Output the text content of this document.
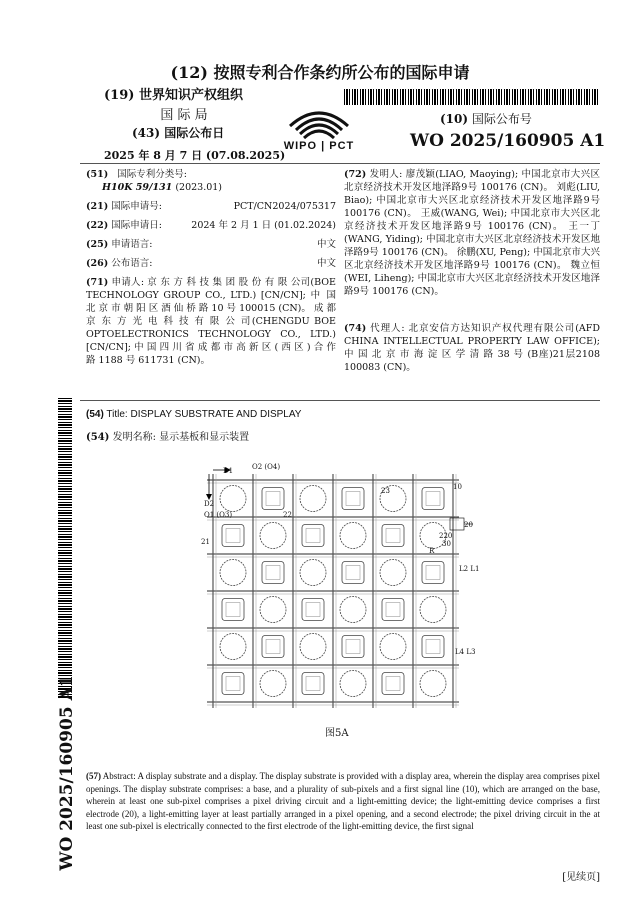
(12) 按照专利合作条约所公布的国际申请
(19) 世界知识产权组织
国 际 局
(43) 国际公布日
2025 年 8 月 7 日 (07.08.2025)
WIPO | PCT
(10) 国际公布号
WO 2025/160905 A1
(51) 国际专利分类号:
H10K 59/131 (2023.01)
(21) 国际申请号:	PCT/CN2024/075317
(22) 国际申请日:	2024 年 2 月 1 日 (01.02.2024)
(25) 申请语言:	中文
(26) 公布语言:	中文
(71) 申请人: 京 东 方 科 技 集 团 股 份 有 限 公司(BOE TECHNOLOGY GROUP CO., LTD.) [CN/CN]; 中 国 北 京 市 朝 阳 区 酒 仙 桥 路 10 号 100015 (CN)。 成 都 京 东 方 光 电 科 技 有 限 公 司(CHENGDU BOE OPTOELECTRONICS TECHNOLOGY CO., LTD.) [CN/CN]; 中 国 四 川 省 成 都 市 高 新 区 ( 西 区 ) 合 作 路 1188 号 611731 (CN)。
(72) 发明人: 廖茂颖(LIAO, Maoying); 中国北京市大兴区北京经济技术开发区地泽路9号 100176 (CN)。 刘彪(LIU, Biao); 中国北京市大兴区北京经济技术开发区地泽路9号 100176 (CN)。 王威(WANG, Wei); 中国北京市大兴区北京经济技术开发区地泽路9号 100176 (CN)。 王一丁(WANG, Yiding); 中国北京市大兴区北京经济技术开发区地泽路9号 100176 (CN)。 徐鹏(XU, Peng); 中国北京市大兴区北京经济技术开发区地泽路9号 100176 (CN)。 魏立恒(WEI, Liheng); 中国北京市大兴区北京经济技术开发区地泽路9号 100176 (CN)。
(74) 代理人: 北京安信方达知识产权代理有限公司(AFD CHINA INTELLECTUAL PROPERTY LAW OFFICE); 中 国 北 京 市 海 淀 区 学 清 路 38 号 (B座)21层2108 100083 (CN)。
WO 2025/160905 A1
(54) Title: DISPLAY SUBSTRATE AND DISPLAY
(54) 发明名称: 显示基板和显示装置
D1	O2 (O4)
D2
O1 (O3)	22
21
23	10
20
220
30
R
L2 L1
L4 L3
图5A
(57) Abstract: A display substrate and a display. The display substrate is provided with a display area, wherein the display area comprises pixel openings. The display substrate comprises: a base, and a plurality of sub-pixels and a first signal line (10), which are arranged on the base, wherein at least one sub-pixel comprises a pixel driving circuit and a light-emitting device; the light-emitting device comprises a first electrode (20), a light-emitting layer at least partially arranged in a pixel opening, and a second electrode; the pixel driving circuit in the at least one sub-pixel is electrically connected to the first electrode of the light-emitting device, the first signal
[见续页]
